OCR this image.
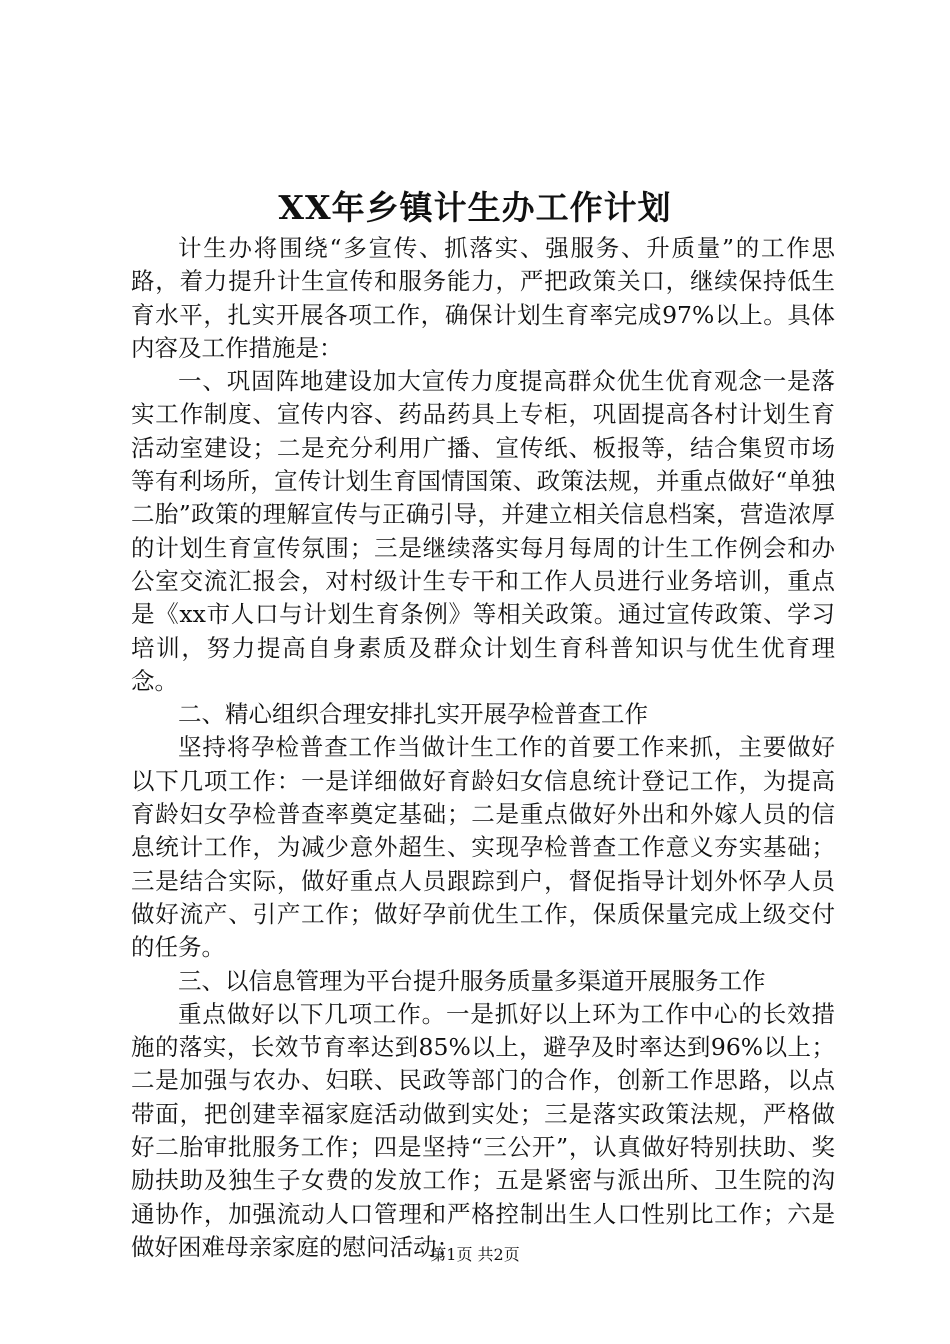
XX年乡镇计生办工作计划

计生办将围绕“多宣传、抓落实、强服务、升质量”的工作思路，着力提升计生宣传和服务能力，严把政策关口，继续保持低生育水平，扎实开展各项工作，确保计划生育率完成97%以上。具体内容及工作措施是：

一、巩固阵地建设加大宣传力度提高群众优生优育观念一是落实工作制度、宣传内容、药品药具上专柜，巩固提高各村计划生育活动室建设；二是充分利用广播、宣传纸、板报等，结合集贸市场等有利场所，宣传计划生育国情国策、政策法规，并重点做好“单独二胎”政策的理解宣传与正确引导，并建立相关信息档案，营造浓厚的计划生育宣传氛围；三是继续落实每月每周的计生工作例会和办公室交流汇报会，对村级计生专干和工作人员进行业务培训，重点是《xx市人口与计划生育条例》等相关政策。通过宣传政策、学习培训，努力提高自身素质及群众计划生育科普知识与优生优育理念。

二、精心组织合理安排扎实开展孕检普查工作

坚持将孕检普查工作当做计生工作的首要工作来抓，主要做好以下几项工作：一是详细做好育龄妇女信息统计登记工作，为提高育龄妇女孕检普查率奠定基础；二是重点做好外出和外嫁人员的信息统计工作，为减少意外超生、实现孕检普查工作意义夯实基础；三是结合实际，做好重点人员跟踪到户，督促指导计划外怀孕人员做好流产、引产工作；做好孕前优生工作，保质保量完成上级交付的任务。

三、以信息管理为平台提升服务质量多渠道开展服务工作

重点做好以下几项工作。一是抓好以上环为工作中心的长效措施的落实，长效节育率达到85%以上，避孕及时率达到96%以上；二是加强与农办、妇联、民政等部门的合作，创新工作思路，以点带面，把创建幸福家庭活动做到实处；三是落实政策法规，严格做好二胎审批服务工作；四是坚持“三公开”，认真做好特别扶助、奖励扶助及独生子女费的发放工作；五是紧密与派出所、卫生院的沟通协作，加强流动人口管理和严格控制出生人口性别比工作；六是做好困难母亲家庭的慰问活动；

第1页 共2页
